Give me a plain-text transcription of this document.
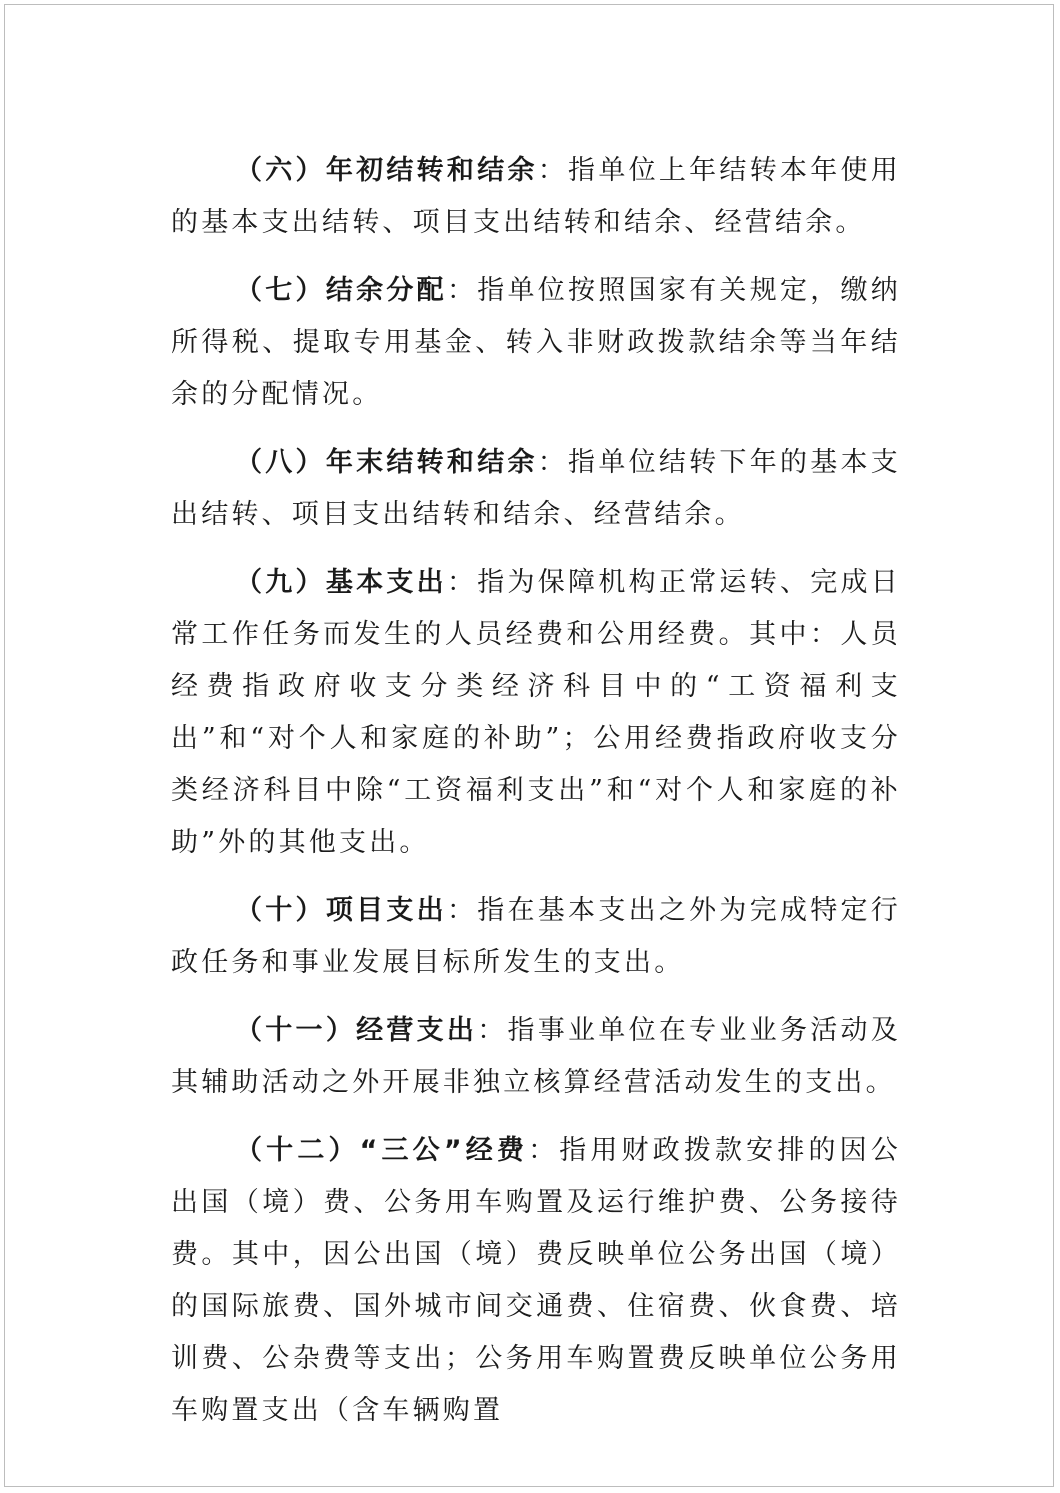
（六）年初结转和结余：指单位上年结转本年使用的基本支出结转、项目支出结转和结余、经营结余。

（七）结余分配：指单位按照国家有关规定，缴纳所得税、提取专用基金、转入非财政拨款结余等当年结余的分配情况。

（八）年末结转和结余：指单位结转下年的基本支出结转、项目支出结转和结余、经营结余。

（九）基本支出：指为保障机构正常运转、完成日常工作任务而发生的人员经费和公用经费。其中：人员经费指政府收支分类经济科目中的“工资福利支出”和“对个人和家庭的补助”；公用经费指政府收支分类经济科目中除“工资福利支出”和“对个人和家庭的补助”外的其他支出。

（十）项目支出：指在基本支出之外为完成特定行政任务和事业发展目标所发生的支出。

（十一）经营支出：指事业单位在专业业务活动及其辅助活动之外开展非独立核算经营活动发生的支出。

（十二）“三公”经费：指用财政拨款安排的因公出国（境）费、公务用车购置及运行维护费、公务接待费。其中，因公出国（境）费反映单位公务出国（境）的国际旅费、国外城市间交通费、住宿费、伙食费、培训费、公杂费等支出；公务用车购置费反映单位公务用车购置支出（含车辆购置
